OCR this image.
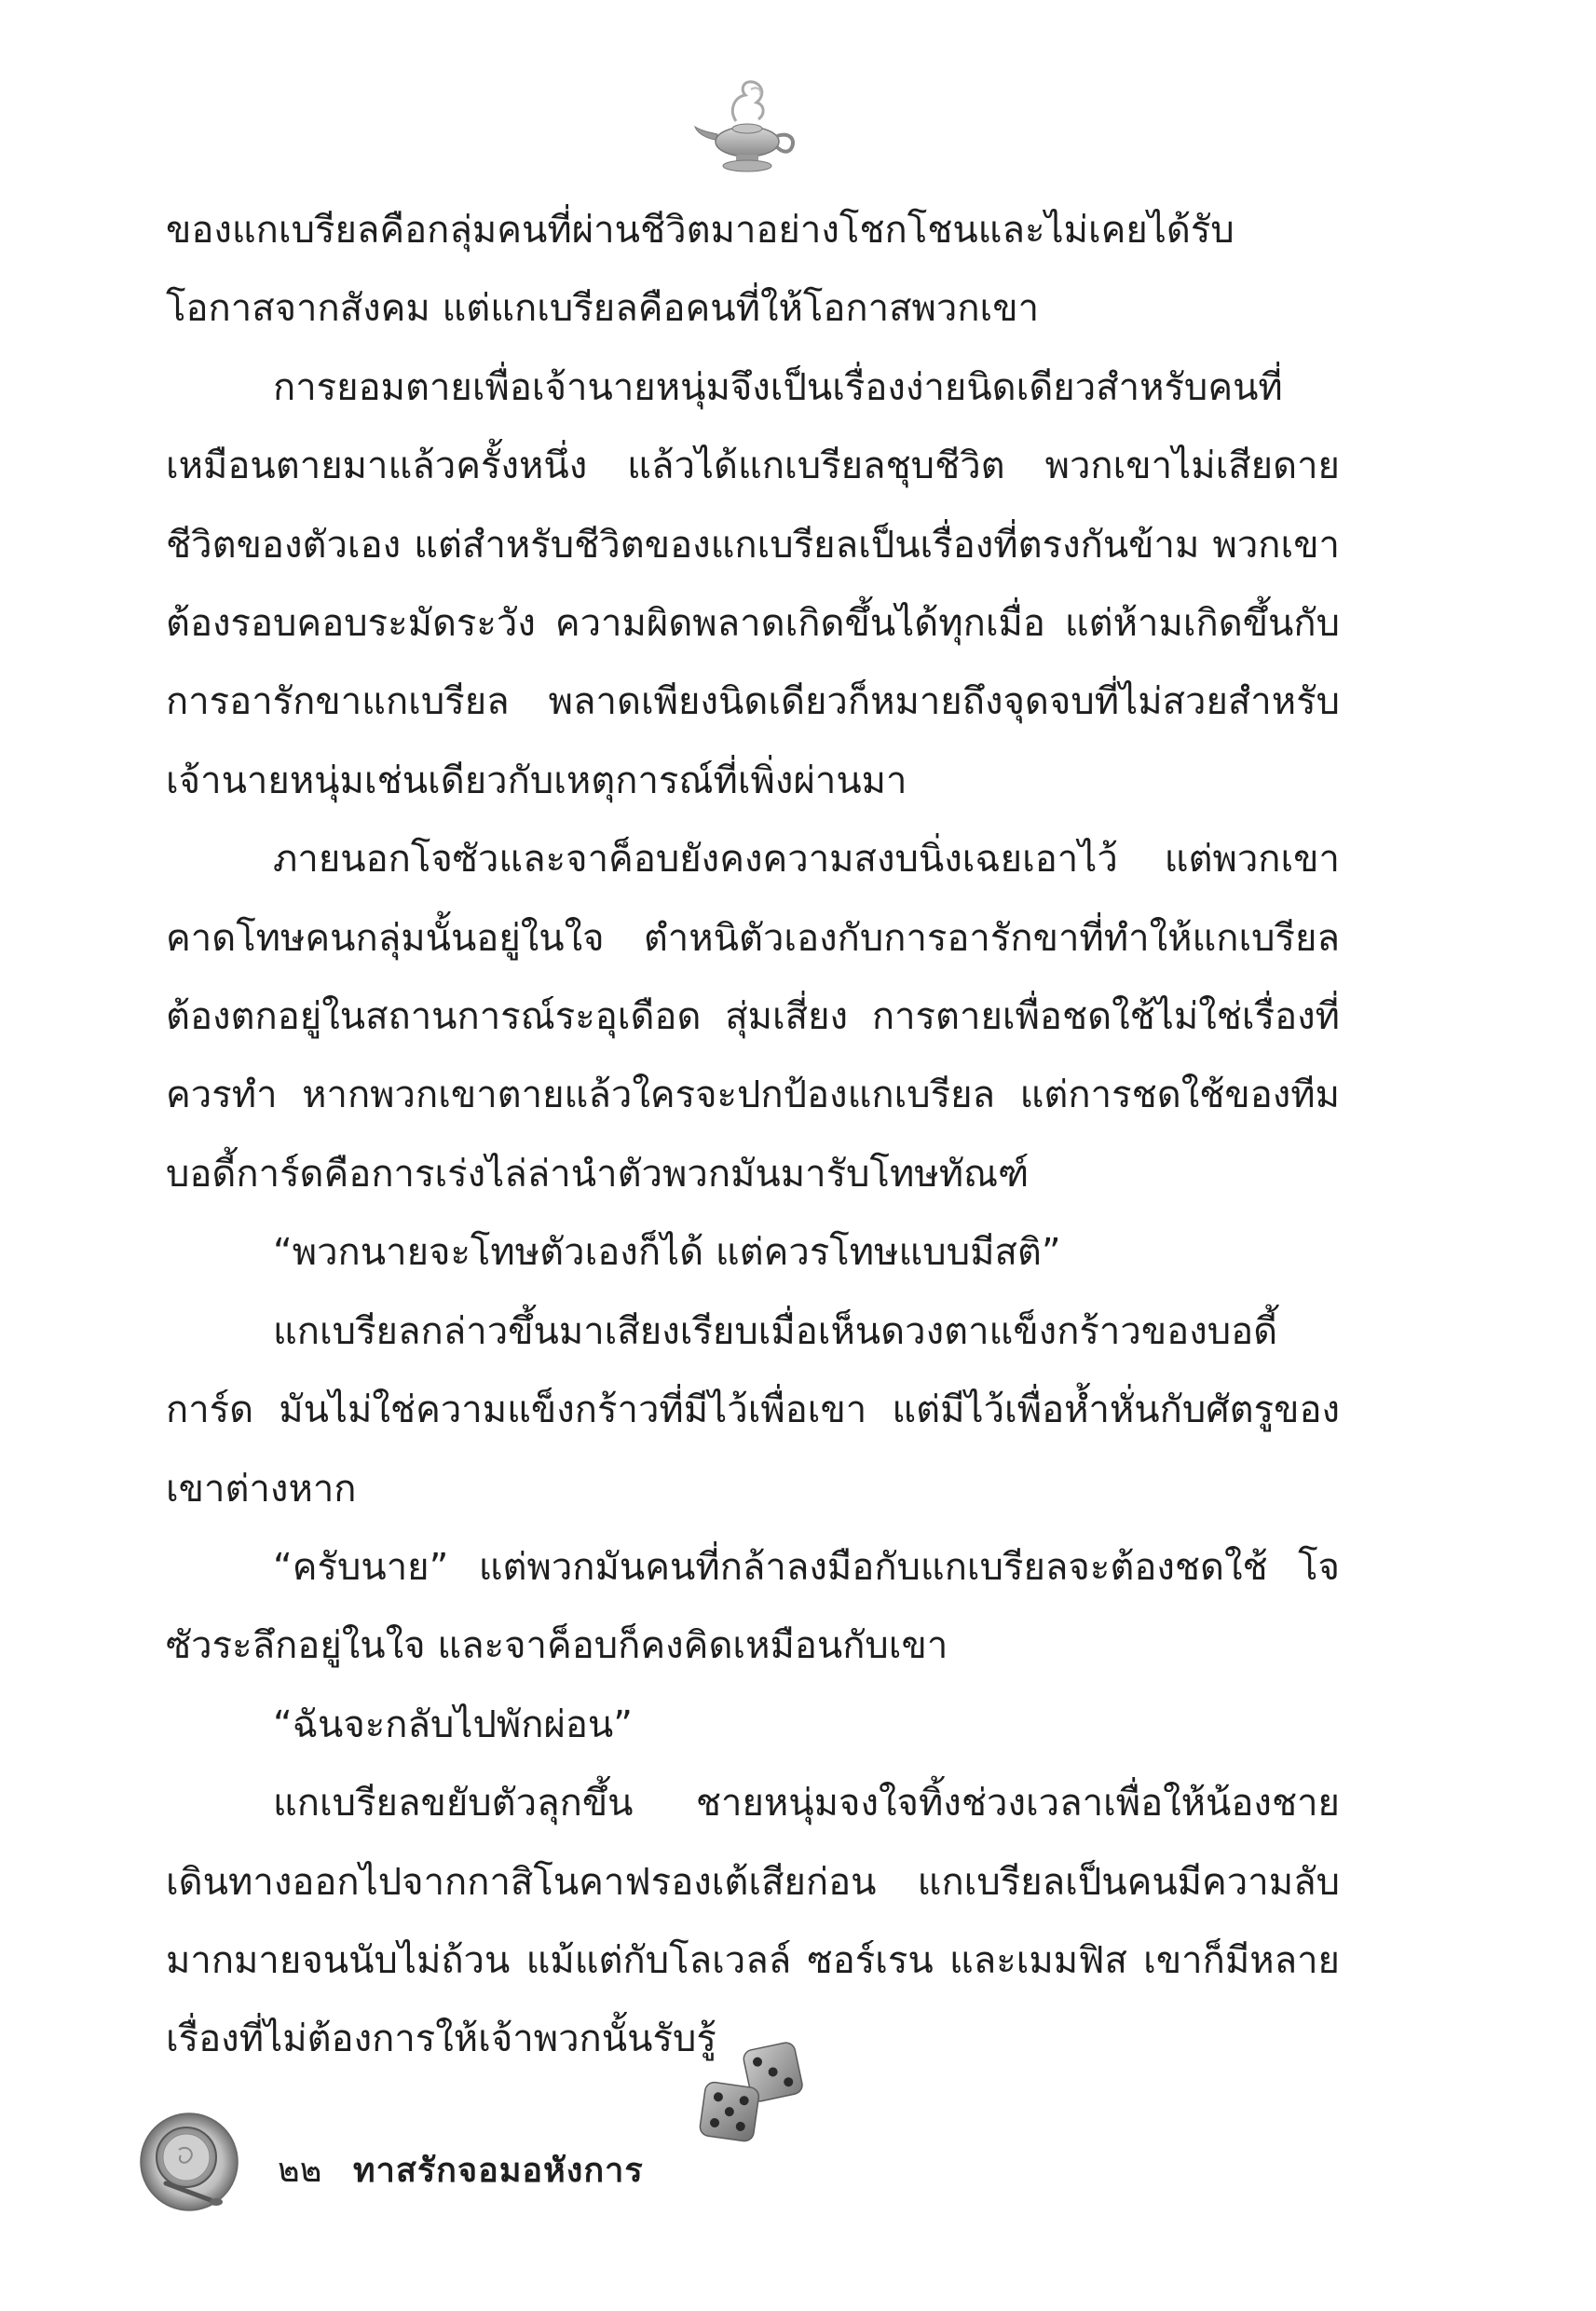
ของแกเบรียลคือกลุ่มคนที่ผ่านชีวิตมาอย่างโชกโชนและไม่เคยได้รับโอกาสจากสังคม แต่แกเบรียลคือคนที่ให้โอกาสพวกเขา

การยอมตายเพื่อเจ้านายหนุ่มจึงเป็นเรื่องง่ายนิดเดียวสำหรับคนที่เหมือนตายมาแล้วครั้งหนึ่ง แล้วได้แกเบรียลชุบชีวิต พวกเขาไม่เสียดายชีวิตของตัวเอง แต่สำหรับชีวิตของแกเบรียลเป็นเรื่องที่ตรงกันข้าม พวกเขาต้องรอบคอบระมัดระวัง ความผิดพลาดเกิดขึ้นได้ทุกเมื่อ แต่ห้ามเกิดขึ้นกับการอารักขาแกเบรียล พลาดเพียงนิดเดียวก็หมายถึงจุดจบที่ไม่สวยสำหรับเจ้านายหนุ่มเช่นเดียวกับเหตุการณ์ที่เพิ่งผ่านมา

ภายนอกโจซัวและจาค็อบยังคงความสงบนิ่งเฉยเอาไว้ แต่พวกเขาคาดโทษคนกลุ่มนั้นอยู่ในใจ ตำหนิตัวเองกับการอารักขาที่ทำให้แกเบรียลต้องตกอยู่ในสถานการณ์ระอุเดือด สุ่มเสี่ยง การตายเพื่อชดใช้ไม่ใช่เรื่องที่ควรทำ หากพวกเขาตายแล้วใครจะปกป้องแกเบรียล แต่การชดใช้ของทีมบอดี้การ์ดคือการเร่งไล่ล่านำตัวพวกมันมารับโทษทัณฑ์

“พวกนายจะโทษตัวเองก็ได้ แต่ควรโทษแบบมีสติ”

แกเบรียลกล่าวขึ้นมาเสียงเรียบเมื่อเห็นดวงตาแข็งกร้าวของบอดี้การ์ด มันไม่ใช่ความแข็งกร้าวที่มีไว้เพื่อเขา แต่มีไว้เพื่อห้ำหั่นกับศัตรูของเขาต่างหาก

“ครับนาย” แต่พวกมันคนที่กล้าลงมือกับแกเบรียลจะต้องชดใช้ โจซัวระลึกอยู่ในใจ และจาค็อบก็คงคิดเหมือนกับเขา

“ฉันจะกลับไปพักผ่อน”

แกเบรียลขยับตัวลุกขึ้น ชายหนุ่มจงใจทิ้งช่วงเวลาเพื่อให้น้องชายเดินทางออกไปจากกาสิโนคาฟรองเต้เสียก่อน แกเบรียลเป็นคนมีความลับมากมายจนนับไม่ถ้วน แม้แต่กับโลเวลล์ ซอร์เรน และเมมฟิส เขาก็มีหลายเรื่องที่ไม่ต้องการให้เจ้าพวกนั้นรับรู้

๒๒ ทาสรักจอมอหังการ
